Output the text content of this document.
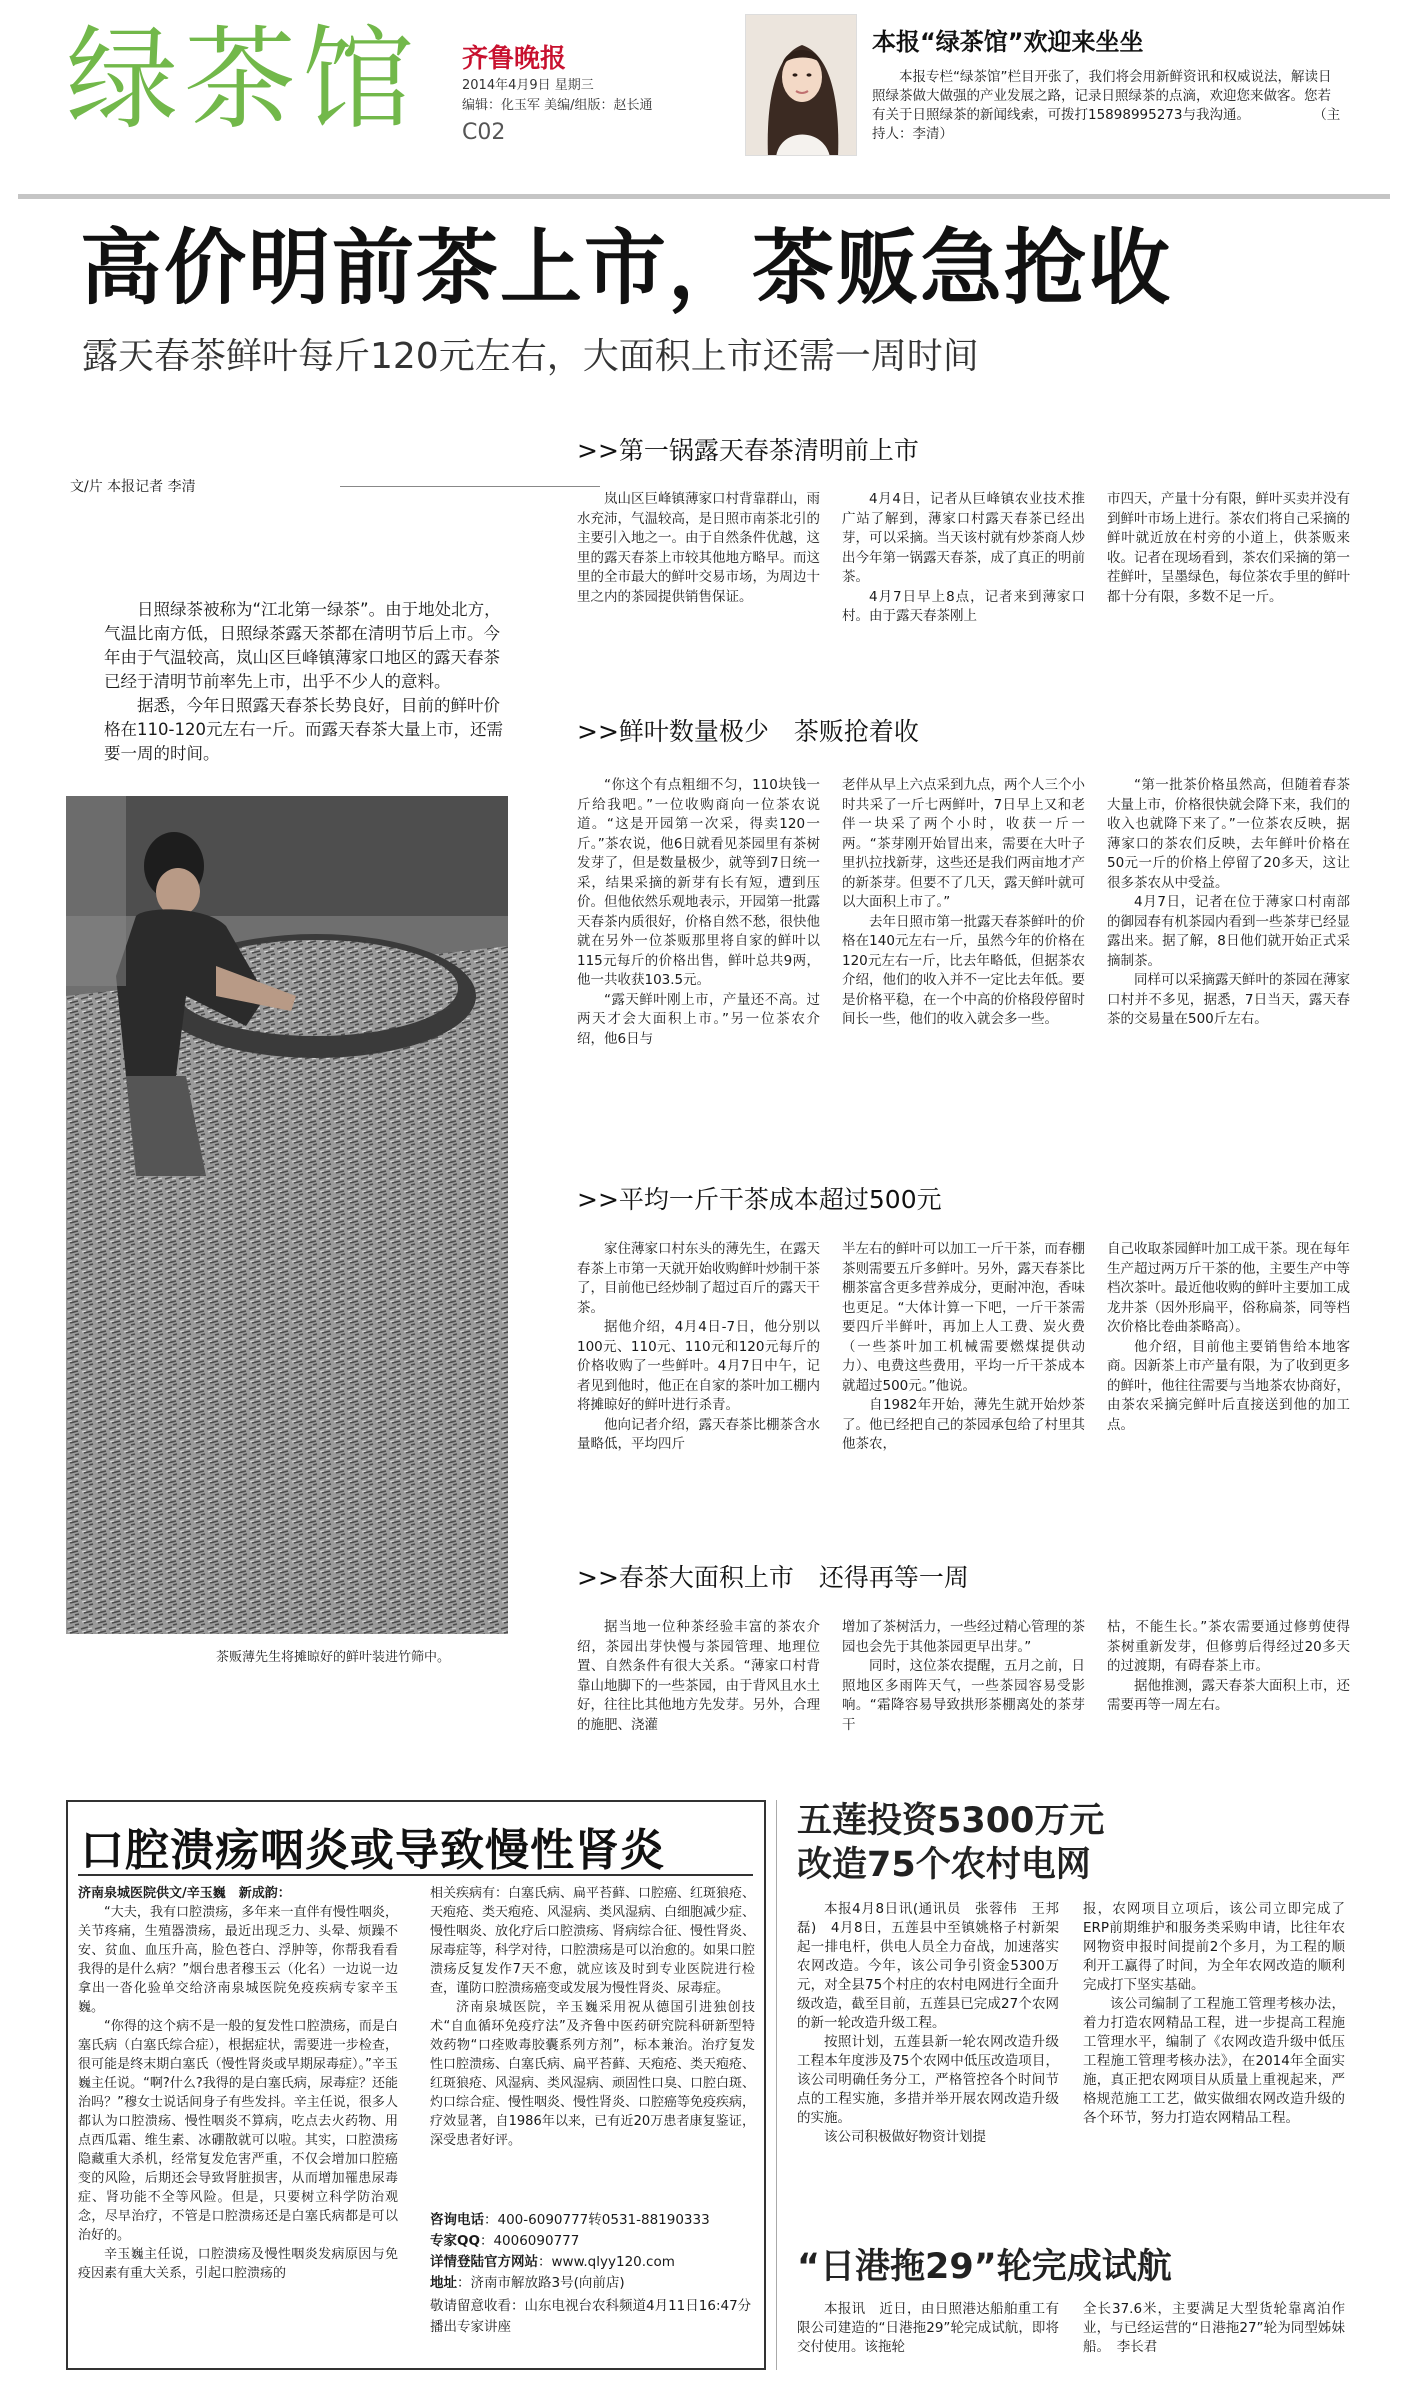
绿茶馆 齐鲁晚报
2014年4月9日 星期三
编辑：化玉军 美编/组版：赵长通
C02
本报“绿茶馆”欢迎来坐坐
本报专栏“绿茶馆”栏目开张了，我们将会用新鲜资讯和权威说法，解读日照绿茶做大做强的产业发展之路，记录日照绿茶的点滴，欢迎您来做客。您若有关于日照绿茶的新闻线索，可拨打15898995273与我沟通。	（主持人：李清）
高价明前茶上市，茶贩急抢收
露天春茶鲜叶每斤120元左右，大面积上市还需一周时间
文/片 本报记者 李清

日照绿茶被称为“江北第一绿茶”。由于地处北方，气温比南方低，日照绿茶露天茶都在清明节后上市。今年由于气温较高，岚山区巨峰镇薄家口地区的露天春茶已经于清明节前率先上市，出乎不少人的意料。

据悉，今年日照露天春茶长势良好，目前的鲜叶价格在110-120元左右一斤。而露天春茶大量上市，还需要一周的时间。

茶贩薄先生将摊晾好的鲜叶装进竹筛中。
>>第一锅露天春茶清明前上市

岚山区巨峰镇薄家口村背靠群山，雨水充沛，气温较高，是日照市南茶北引的主要引入地之一。由于自然条件优越，这里的露天春茶上市较其他地方略早。而这里的全市最大的鲜叶交易市场，为周边十里之内的茶园提供销售保证。

4月4日，记者从巨峰镇农业技术推广站了解到，薄家口村露天春茶已经出芽，可以采摘。当天该村就有炒茶商人炒出今年第一锅露天春茶，成了真正的明前茶。

4月7日早上8点，记者来到薄家口村。由于露天春茶刚上

市四天，产量十分有限，鲜叶买卖并没有到鲜叶市场上进行。茶农们将自己采摘的鲜叶就近放在村旁的小道上，供茶贩来收。记者在现场看到，茶农们采摘的第一茬鲜叶，呈墨绿色，每位茶农手里的鲜叶都十分有限，多数不足一斤。

>>鲜叶数量极少　茶贩抢着收

“你这个有点粗细不匀，110块钱一斤给我吧。”一位收购商向一位茶农说道。“这是开园第一次采，得卖120一斤。”茶农说，他6日就看见茶园里有茶树发芽了，但是数量极少，就等到7日统一采，结果采摘的新芽有长有短，遭到压价。但他依然乐观地表示，开园第一批露天春茶内质很好，价格自然不愁，很快他就在另外一位茶贩那里将自家的鲜叶以115元每斤的价格出售，鲜叶总共9两，他一共收获103.5元。

“露天鲜叶刚上市，产量还不高。过两天才会大面积上市。”另一位茶农介绍，他6日与

老伴从早上六点采到九点，两个人三个小时共采了一斤七两鲜叶，7日早上又和老伴一块采了两个小时，收获一斤一两。“茶芽刚开始冒出来，需要在大叶子里扒拉找新芽，这些还是我们两亩地才产的新茶芽。但要不了几天，露天鲜叶就可以大面积上市了。”

去年日照市第一批露天春茶鲜叶的价格在140元左右一斤，虽然今年的价格在120元左右一斤，比去年略低，但据茶农介绍，他们的收入并不一定比去年低。要是价格平稳，在一个中高的价格段停留时间长一些，他们的收入就会多一些。

“第一批茶价格虽然高，但随着春茶大量上市，价格很快就会降下来，我们的收入也就降下来了。”一位茶农反映，据薄家口的茶农们反映，去年鲜叶价格在50元一斤的价格上停留了20多天，这让很多茶农从中受益。

4月7日，记者在位于薄家口村南部的御园春有机茶园内看到一些茶芽已经显露出来。据了解，8日他们就开始正式采摘制茶。

同样可以采摘露天鲜叶的茶园在薄家口村并不多见，据悉，7日当天，露天春茶的交易量在500斤左右。

>>平均一斤干茶成本超过500元

家住薄家口村东头的薄先生，在露天春茶上市第一天就开始收购鲜叶炒制干茶了，目前他已经炒制了超过百斤的露天干茶。

据他介绍，4月4日-7日，他分别以100元、110元、110元和120元每斤的价格收购了一些鲜叶。4月7日中午，记者见到他时，他正在自家的茶叶加工棚内将摊晾好的鲜叶进行杀青。

他向记者介绍，露天春茶比棚茶含水量略低，平均四斤

半左右的鲜叶可以加工一斤干茶，而春棚茶则需要五斤多鲜叶。另外，露天春茶比棚茶富含更多营养成分，更耐冲泡，香味也更足。“大体计算一下吧，一斤干茶需要四斤半鲜叶，再加上人工费、炭火费（一些茶叶加工机械需要燃煤提供动力）、电费这些费用，平均一斤干茶成本就超过500元。”他说。

自1982年开始，薄先生就开始炒茶了。他已经把自己的茶园承包给了村里其他茶农，

自己收取茶园鲜叶加工成干茶。现在每年生产超过两万斤干茶的他，主要生产中等档次茶叶。最近他收购的鲜叶主要加工成龙井茶（因外形扁平，俗称扁茶，同等档次价格比卷曲茶略高）。

他介绍，目前他主要销售给本地客商。因新茶上市产量有限，为了收到更多的鲜叶，他往往需要与当地茶农协商好，由茶农采摘完鲜叶后直接送到他的加工点。

>>春茶大面积上市　还得再等一周

据当地一位种茶经验丰富的茶农介绍，茶园出芽快慢与茶园管理、地理位置、自然条件有很大关系。“薄家口村背靠山地脚下的一些茶园，由于背风且水土好，往往比其他地方先发芽。另外，合理的施肥、浇灌

增加了茶树活力，一些经过精心管理的茶园也会先于其他茶园更早出芽。”

同时，这位茶农提醒，五月之前，日照地区多雨阵天气，一些茶园容易受影响。“霜降容易导致拱形茶棚离处的茶芽干

枯，不能生长。”茶农需要通过修剪使得茶树重新发芽，但修剪后得经过20多天的过渡期，有碍春茶上市。

据他推测，露天春茶大面积上市，还需要再等一周左右。

口腔溃疡咽炎或导致慢性肾炎

济南泉城医院供文/辛玉巍　新成韵：

“大夫，我有口腔溃疡，多年来一直伴有慢性咽炎，关节疼痛，生殖器溃疡，最近出现乏力、头晕、烦躁不安、贫血、血压升高，脸色苍白、浮肿等，你帮我看看我得的是什么病？”烟台患者穆玉云（化名）一边说一边拿出一沓化验单交给济南泉城医院免疫疾病专家辛玉巍。

“你得的这个病不是一般的复发性口腔溃疡，而是白塞氏病（白塞氏综合症），根据症状，需要进一步检查，很可能是终末期白塞氏（慢性肾炎或早期尿毒症）。”辛玉巍主任说。“啊?什么?我得的是白塞氏病，尿毒症？还能治吗？”穆女士说话间身子有些发抖。辛主任说，很多人都认为口腔溃疡、慢性咽炎不算病，吃点去火药物、用点西瓜霜、维生素、冰硼散就可以啦。其实，口腔溃疡隐藏重大杀机，经常复发危害严重，不仅会增加口腔癌变的风险，后期还会导致肾脏损害，从而增加罹患尿毒症、肾功能不全等风险。但是，只要树立科学防治观念，尽早治疗，不管是口腔溃疡还是白塞氏病都是可以治好的。

辛玉巍主任说，口腔溃疡及慢性咽炎发病原因与免疫因素有重大关系，引起口腔溃疡的

相关疾病有：白塞氏病、扁平苔藓、口腔癌、红斑狼疮、天疱疮、类天疱疮、风湿病、类风湿病、白细胞减少症、慢性咽炎、放化疗后口腔溃疡、肾病综合征、慢性肾炎、尿毒症等，科学对待，口腔溃疡是可以治愈的。如果口腔溃疡反复发作7天不愈，就应该及时到专业医院进行检查，谨防口腔溃疡癌变或发展为慢性肾炎、尿毒症。

济南泉城医院，辛玉巍采用祝从德国引进独创技术“自血循环免疫疗法”及齐鲁中医药研究院科研新型特效药物“口痊败毒胶囊系列方剂”，标本兼治。治疗复发性口腔溃疡、白塞氏病、扁平苔藓、天疱疮、类天疱疮、红斑狼疮、风湿病、类风湿病、顽固性口臭、口腔白斑、灼口综合症、慢性咽炎、慢性肾炎、口腔癌等免疫疾病，疗效显著，自1986年以来，已有近20万患者康复鉴证，深受患者好评。

咨询电话：400-6090777转0531-88190333
专家QQ：4006090777
详情登陆官方网站：www.qlyy120.com
地址：济南市解放路3号(向前店)
敬请留意收看：山东电视台农科频道4月11日16:47分播出专家讲座
五莲投资5300万元
改造75个农村电网

本报4月8日讯(通讯员　张蓉伟　王邦磊)　4月8日，五莲县中至镇姚格子村新架起一排电杆，供电人员全力奋战，加速落实农网改造。今年，该公司争引资金5300万元，对全县75个村庄的农村电网进行全面升级改造，截至目前，五莲县已完成27个农网的新一轮改造升级工程。

按照计划，五莲县新一轮农网改造升级工程本年度涉及75个农网中低压改造项目，该公司明确任务分工，严格管控各个时间节点的工程实施，多措并举开展农网改造升级的实施。

该公司积极做好物资计划提

报，农网项目立项后，该公司立即完成了ERP前期维护和服务类采购申请，比往年农网物资申报时间提前2个多月，为工程的顺利开工赢得了时间，为全年农网改造的顺利完成打下坚实基础。

该公司编制了工程施工管理考核办法，着力打造农网精品工程，进一步提高工程施工管理水平，编制了《农网改造升级中低压工程施工管理考核办法》，在2014年全面实施，真正把农网项目从质量上重视起来，严格规范施工工艺，做实做细农网改造升级的各个环节，努力打造农网精品工程。

“日港拖29”轮完成试航

本报讯　近日，由日照港达船舶重工有限公司建造的“日港拖29”轮完成试航，即将交付使用。该拖轮

全长37.6米，主要满足大型货轮靠离泊作业，与已经运营的“日港拖27”轮为同型姊妹船。　李长君
